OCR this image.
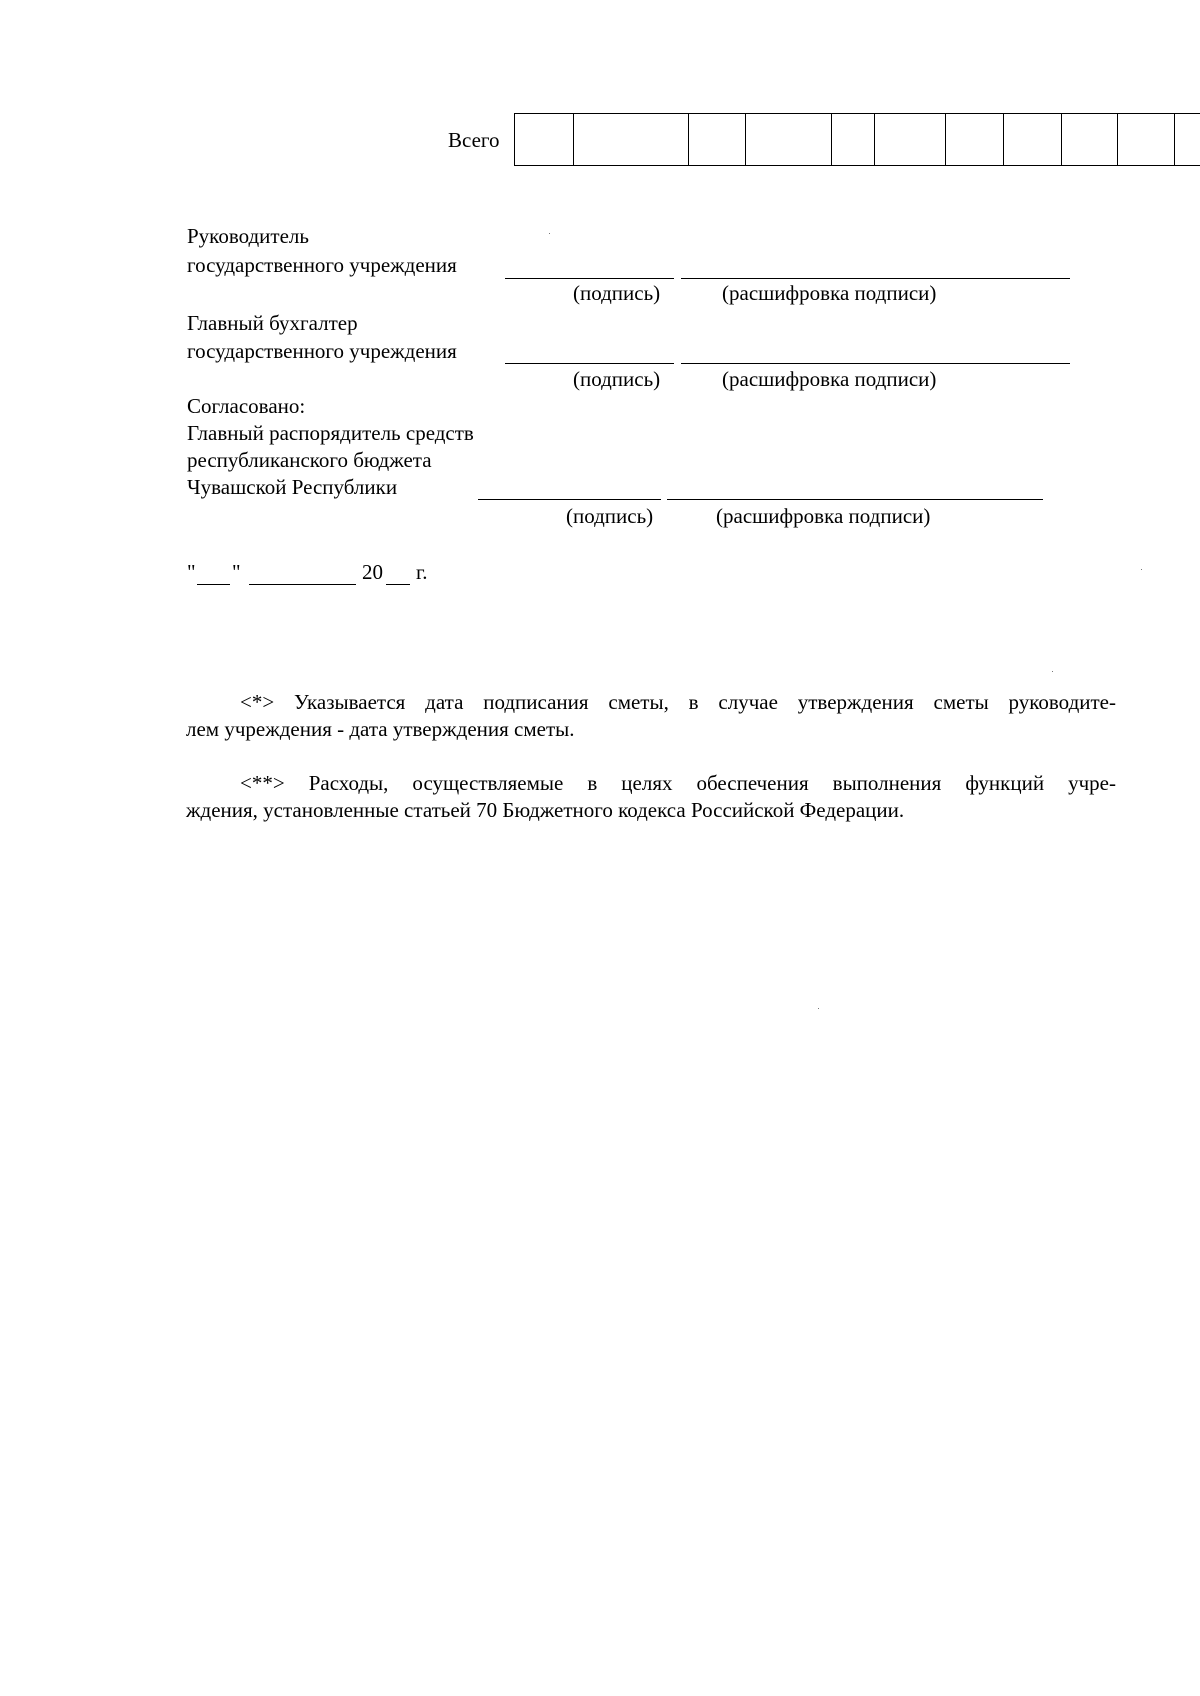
Всего

Руководитель
государственного учреждения
(подпись)	(расшифровка подписи)
Главный бухгалтер
государственного учреждения
(подпись)	(расшифровка подписи)
Согласовано:
Главный распорядитель средств
республиканского бюджета
Чувашской Республики
(подпись)	(расшифровка подписи)
" "	20 г.
<*> Указывается дата подписания сметы, в случае утверждения сметы руководите-
лем учреждения - дата утверждения сметы.
<**> Расходы, осуществляемые в целях обеспечения выполнения функций учре-
ждения, установленные статьей 70 Бюджетного кодекса Российской Федерации.
